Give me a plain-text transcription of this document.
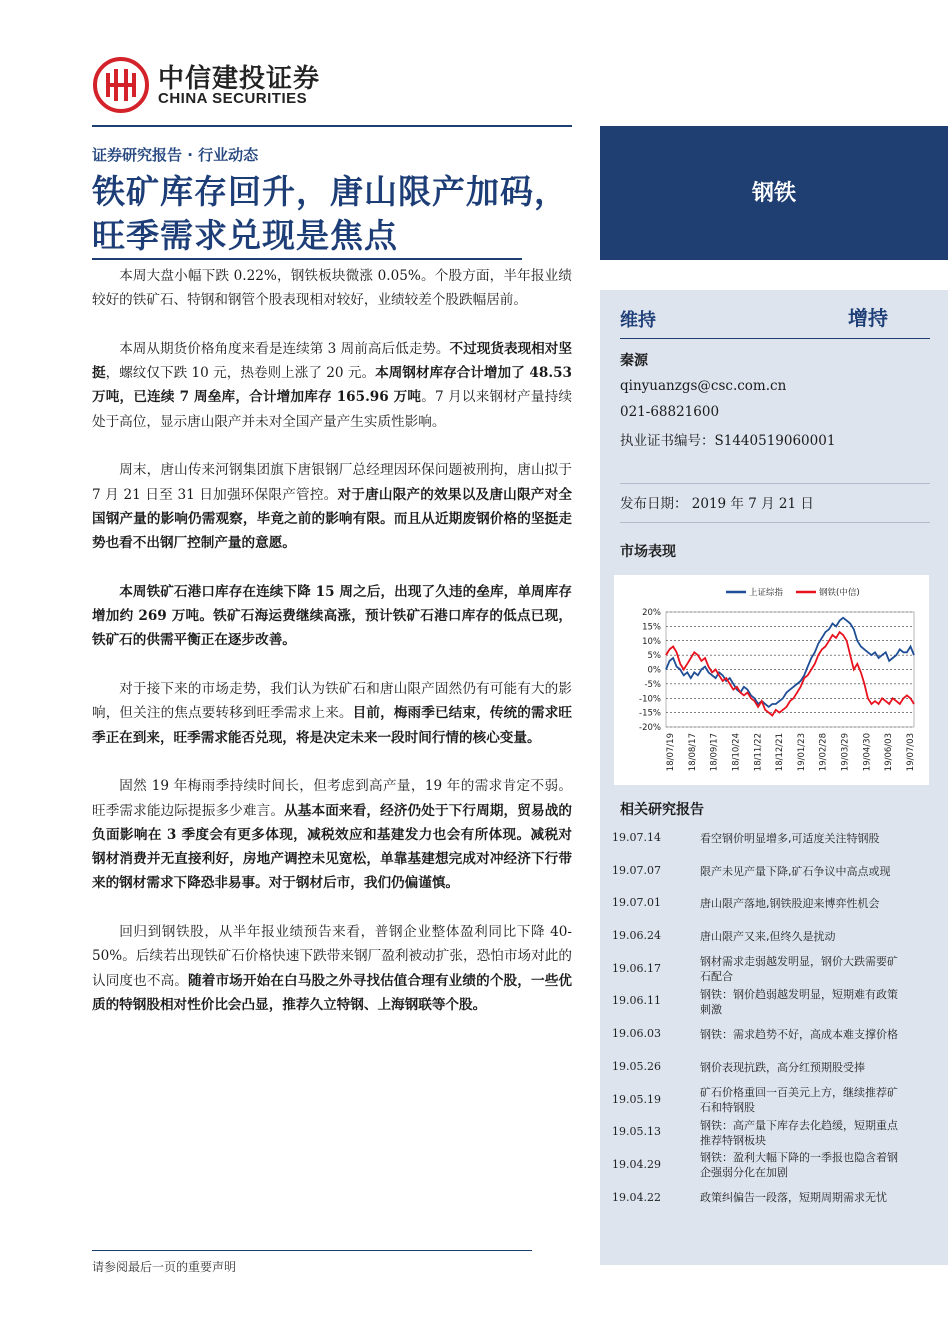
中信建投证券
CHINA SECURITIES
证券研究报告 · 行业动态
铁矿库存回升，唐山限产加码，旺季需求兑现是焦点

本周大盘小幅下跌 0.22%，钢铁板块微涨 0.05%。个股方面，半年报业绩较好的铁矿石、特钢和钢管个股表现相对较好，业绩较差个股跌幅居前。

本周从期货价格角度来看是连续第 3 周前高后低走势。不过现货表现相对坚挺，螺纹仅下跌 10 元，热卷则上涨了 20 元。本周钢材库存合计增加了 48.53 万吨，已连续 7 周垒库，合计增加库存 165.96 万吨。7 月以来钢材产量持续处于高位，显示唐山限产并未对全国产量产生实质性影响。

周末，唐山传来河钢集团旗下唐银钢厂总经理因环保问题被刑拘，唐山拟于 7 月 21 日至 31 日加强环保限产管控。对于唐山限产的效果以及唐山限产对全国钢产量的影响仍需观察，毕竟之前的影响有限。而且从近期废钢价格的坚挺走势也看不出钢厂控制产量的意愿。

本周铁矿石港口库存在连续下降 15 周之后，出现了久违的垒库，单周库存增加约 269 万吨。铁矿石海运费继续高涨，预计铁矿石港口库存的低点已现，铁矿石的供需平衡正在逐步改善。

对于接下来的市场走势，我们认为铁矿石和唐山限产固然仍有可能有大的影响，但关注的焦点要转移到旺季需求上来。目前，梅雨季已结束，传统的需求旺季正在到来，旺季需求能否兑现，将是决定未来一段时间行情的核心变量。

固然 19 年梅雨季持续时间长，但考虑到高产量，19 年的需求肯定不弱。旺季需求能边际提振多少难言。从基本面来看，经济仍处于下行周期，贸易战的负面影响在 3 季度会有更多体现，减税效应和基建发力也会有所体现。减税对钢材消费并无直接利好，房地产调控未见宽松，单靠基建想完成对冲经济下行带来的钢材需求下降恐非易事。对于钢材后市，我们仍偏谨慎。

回归到钢铁股，从半年报业绩预告来看，普钢企业整体盈利同比下降 40-50%。后续若出现铁矿石价格快速下跌带来钢厂盈利被动扩张，恐怕市场对此的认同度也不高。随着市场开始在白马股之外寻找估值合理有业绩的个股，一些优质的特钢股相对性价比会凸显，推荐久立特钢、上海钢联等个股。

钢铁
维持	增持
秦源
qinyuanzgs@csc.com.cn
021-68821600
执业证书编号：S1440519060001
发布日期： 2019 年 7 月 21 日
市场表现
20%
15%
10%
5%
0%
-5%
-10%
-15%
-20%
18/07/19 18/08/17 18/09/17 18/10/24 18/11/22 18/12/21 19/01/23 19/02/28 19/03/29 19/04/30 19/06/03 19/07/03
上证综指	钢铁(中信)
相关研究报告
19.07.14	看空钢价明显增多,可适度关注特钢股
19.07.07	限产未见产量下降,矿石争议中高点或现
19.07.01	唐山限产落地,钢铁股迎来博弈性机会
19.06.24	唐山限产又来,但终久是扰动
19.06.17
钢材需求走弱越发明显，钢价大跌需要矿石配合
19.06.11
钢铁：钢价趋弱越发明显，短期难有政策刺激
19.06.03	钢铁：需求趋势不好，高成本难支撑价格
19.05.26	钢价表现抗跌，高分红预期股受捧
19.05.19
矿石价格重回一百美元上方，继续推荐矿石和特钢股
19.05.13
钢铁：高产量下库存去化趋缓，短期重点推荐特钢板块
19.04.29
钢铁：盈利大幅下降的一季报也隐含着钢企强弱分化在加剧
19.04.22	政策纠偏告一段落，短期周期需求无忧
请参阅最后一页的重要声明
